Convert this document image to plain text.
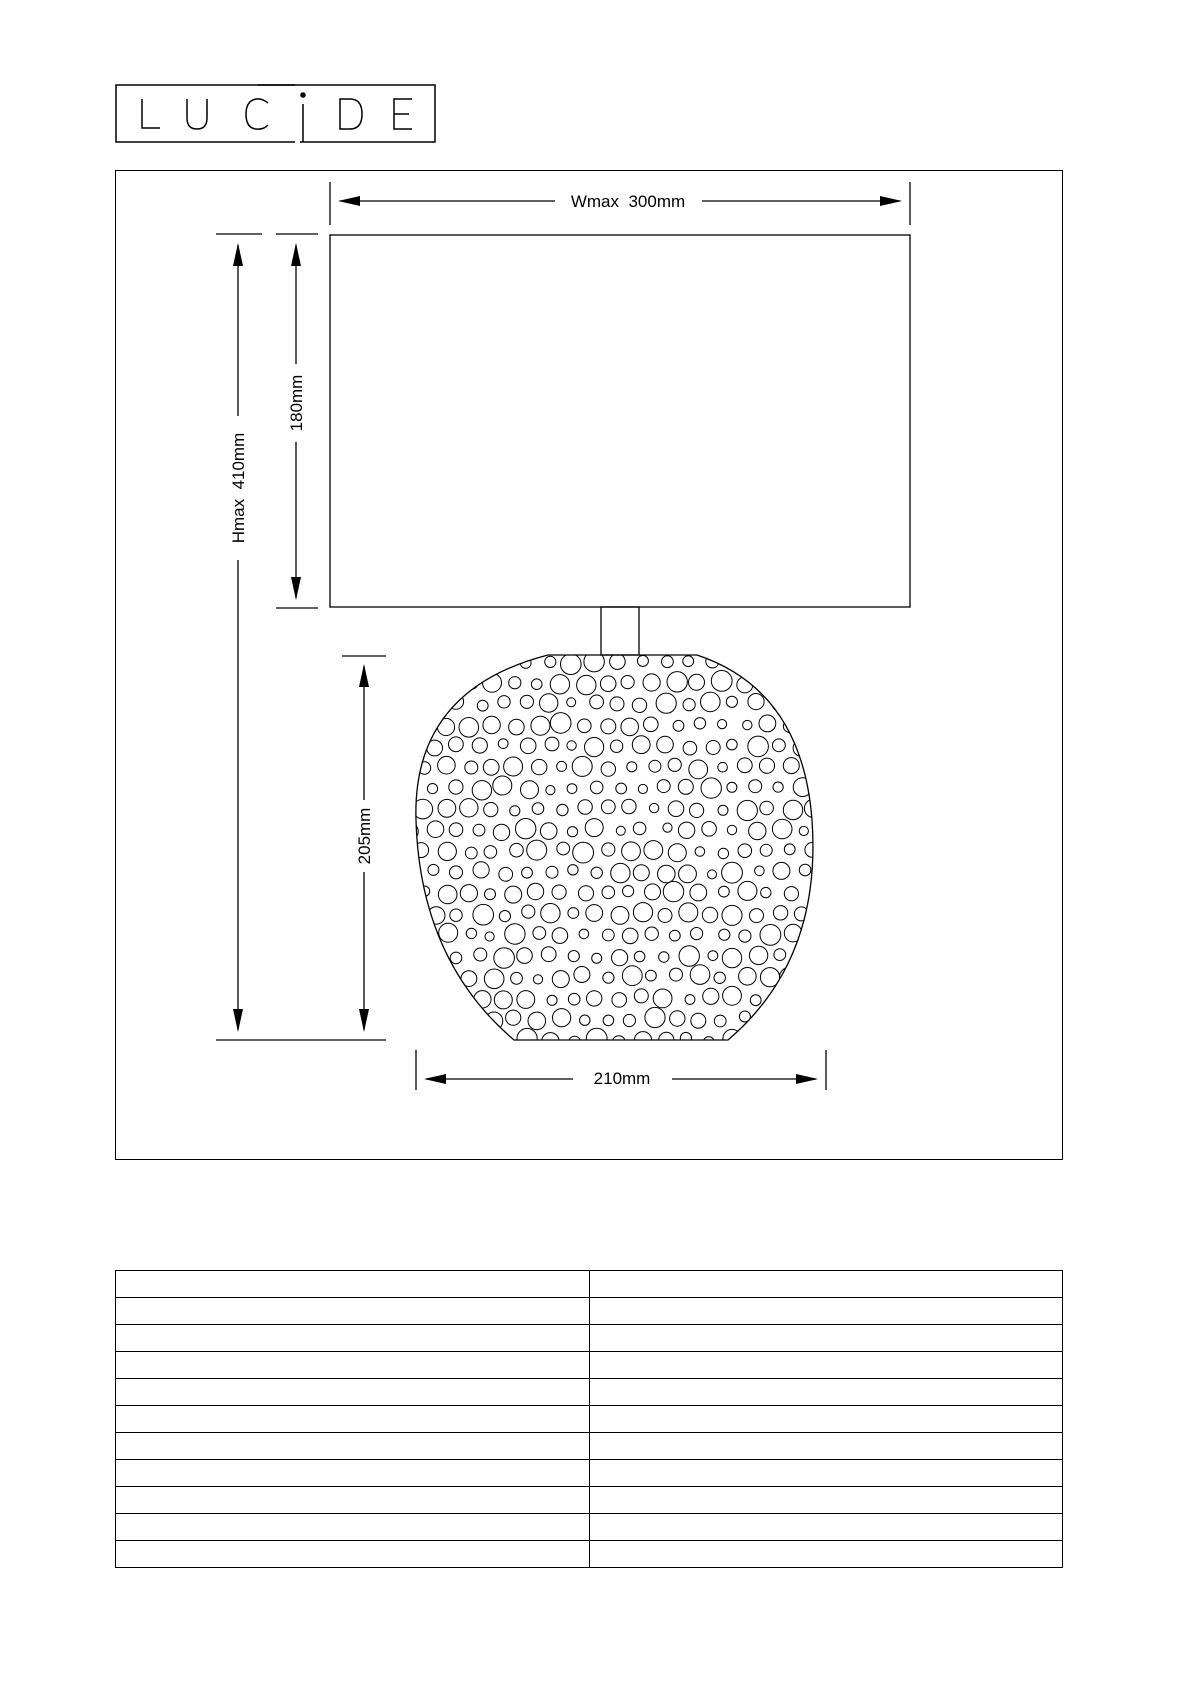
Wmax  300mm
Hmax  410mm
180mm
205mm
210mm
